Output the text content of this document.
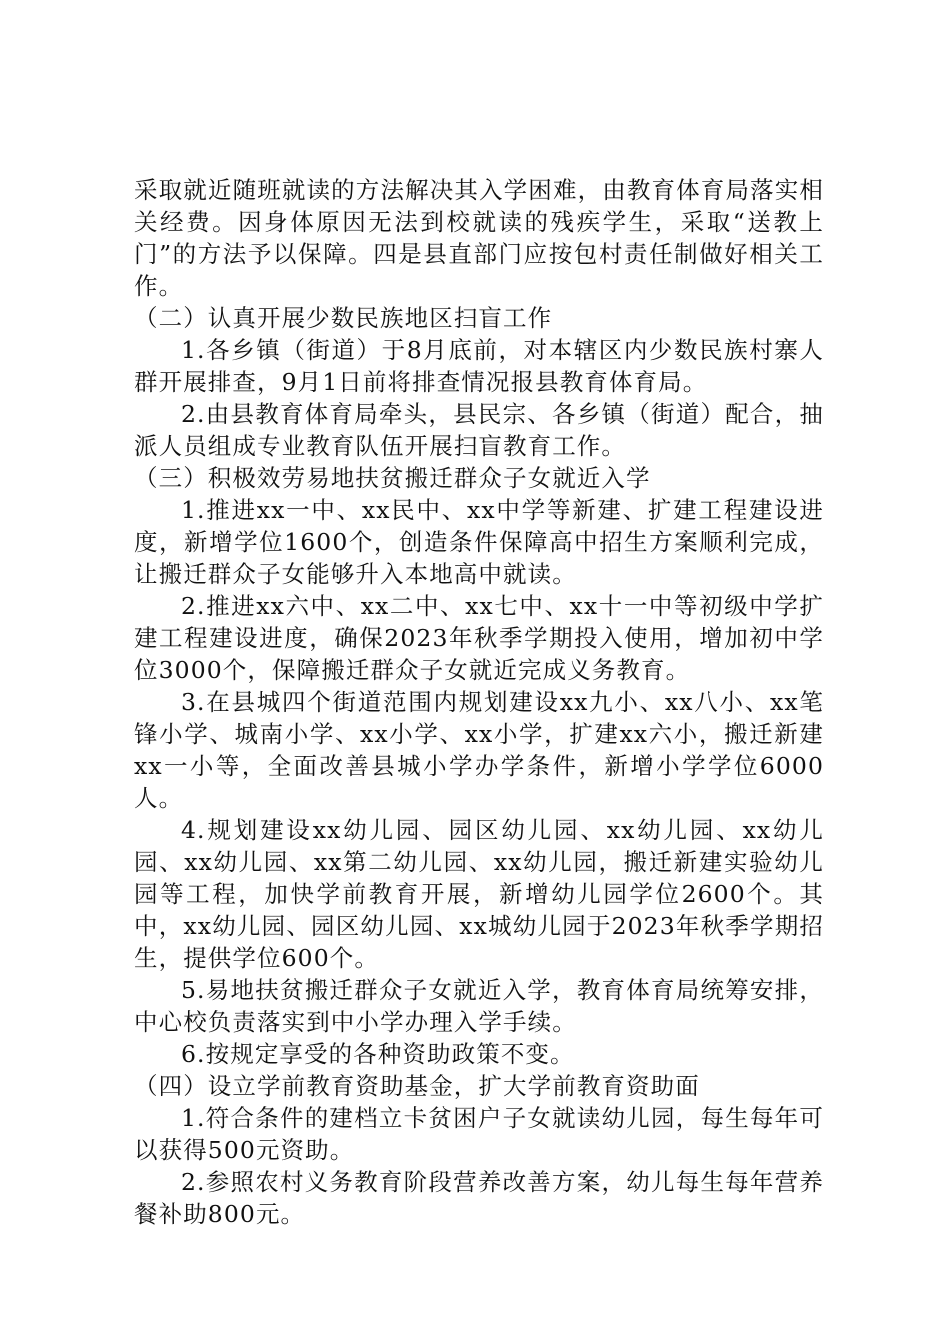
采取就近随班就读的方法解决其入学困难，由教育体育局落实相关经费。因身体原因无法到校就读的残疾学生，采取“送教上门”的方法予以保障。四是县直部门应按包村责任制做好相关工作。

（二）认真开展少数民族地区扫盲工作

1.各乡镇（街道）于8月底前，对本辖区内少数民族村寨人群开展排查，9月1日前将排查情况报县教育体育局。

2.由县教育体育局牵头，县民宗、各乡镇（街道）配合，抽派人员组成专业教育队伍开展扫盲教育工作。

（三）积极效劳易地扶贫搬迁群众子女就近入学

1.推进xx一中、xx民中、xx中学等新建、扩建工程建设进度，新增学位1600个，创造条件保障高中招生方案顺利完成，让搬迁群众子女能够升入本地高中就读。

2.推进xx六中、xx二中、xx七中、xx十一中等初级中学扩建工程建设进度，确保2023年秋季学期投入使用，增加初中学位3000个，保障搬迁群众子女就近完成义务教育。

3.在县城四个街道范围内规划建设xx九小、xx八小、xx笔锋小学、城南小学、xx小学、xx小学，扩建xx六小，搬迁新建xx一小等，全面改善县城小学办学条件，新增小学学位6000人。

4.规划建设xx幼儿园、园区幼儿园、xx幼儿园、xx幼儿园、xx幼儿园、xx第二幼儿园、xx幼儿园，搬迁新建实验幼儿园等工程，加快学前教育开展，新增幼儿园学位2600个。其中，xx幼儿园、园区幼儿园、xx城幼儿园于2023年秋季学期招生，提供学位600个。

5.易地扶贫搬迁群众子女就近入学，教育体育局统筹安排，中心校负责落实到中小学办理入学手续。

6.按规定享受的各种资助政策不变。

（四）设立学前教育资助基金，扩大学前教育资助面

1.符合条件的建档立卡贫困户子女就读幼儿园，每生每年可以获得500元资助。

2.参照农村义务教育阶段营养改善方案，幼儿每生每年营养餐补助800元。
